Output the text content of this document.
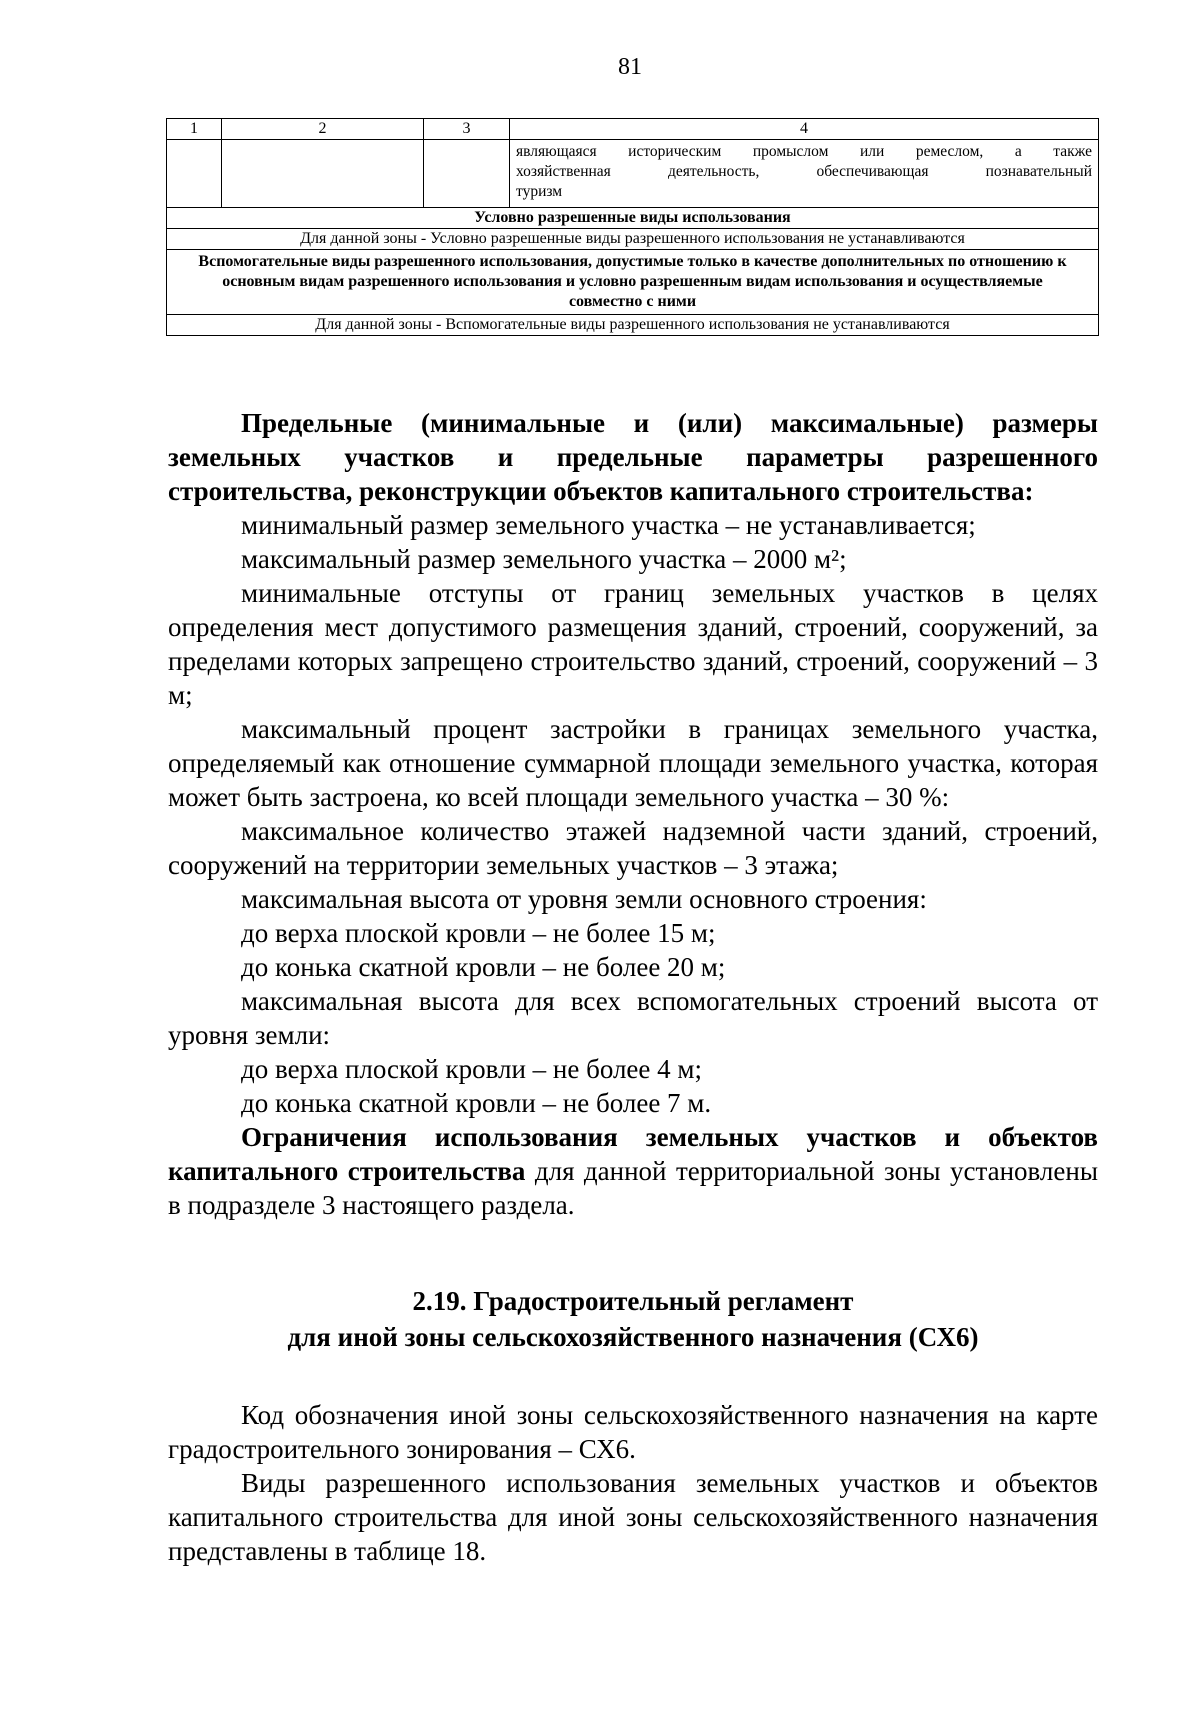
81
1	2	3	4

			являющаяся историческим промыслом или ремеслом, а также
хозяйственная деятельность, обеспечивающая познавательный
туризм

Условно разрешенные виды использования			
Для данной зоны - Условно разрешенные виды разрешенного использования не устанавливаются			
Вспомогательные виды разрешенного использования, допустимые только в качестве дополнительных по отношению к основным видам разрешенного использования и условно разрешенным видам использования и осуществляемые совместно с ними			
Для данной зоны - Вспомогательные виды разрешенного использования не устанавливаются			

Предельные (минимальные и (или) максимальные) размеры земельных участков и предельные параметры разрешенного строительства, реконструкции объектов капитального строительства:

минимальный размер земельного участка – не устанавливается;

максимальный размер земельного участка – 2000 м²;

минимальные отступы от границ земельных участков в целях определения мест допустимого размещения зданий, строений, сооружений, за пределами которых запрещено строительство зданий, строений, сооружений – 3 м;

максимальный процент застройки в границах земельного участка, определяемый как отношение суммарной площади земельного участка, которая может быть застроена, ко всей площади земельного участка – 30 %:

максимальное количество этажей надземной части зданий, строений, сооружений на территории земельных участков – 3 этажа;

максимальная высота от уровня земли основного строения:

до верха плоской кровли – не более 15 м;

до конька скатной кровли – не более 20 м;

максимальная высота для всех вспомогательных строений высота от уровня земли:

до верха плоской кровли – не более 4 м;

до конька скатной кровли – не более 7 м.

Ограничения использования земельных участков и объектов капитального строительства для данной территориальной зоны установлены в подразделе 3 настоящего раздела.

2.19. Градостроительный регламент
для иной зоны сельскохозяйственного назначения (СХ6)

Код обозначения иной зоны сельскохозяйственного назначения на карте градостроительного зонирования – СХ6.

Виды разрешенного использования земельных участков и объектов капитального строительства для иной зоны сельскохозяйственного назначения представлены в таблице 18.
